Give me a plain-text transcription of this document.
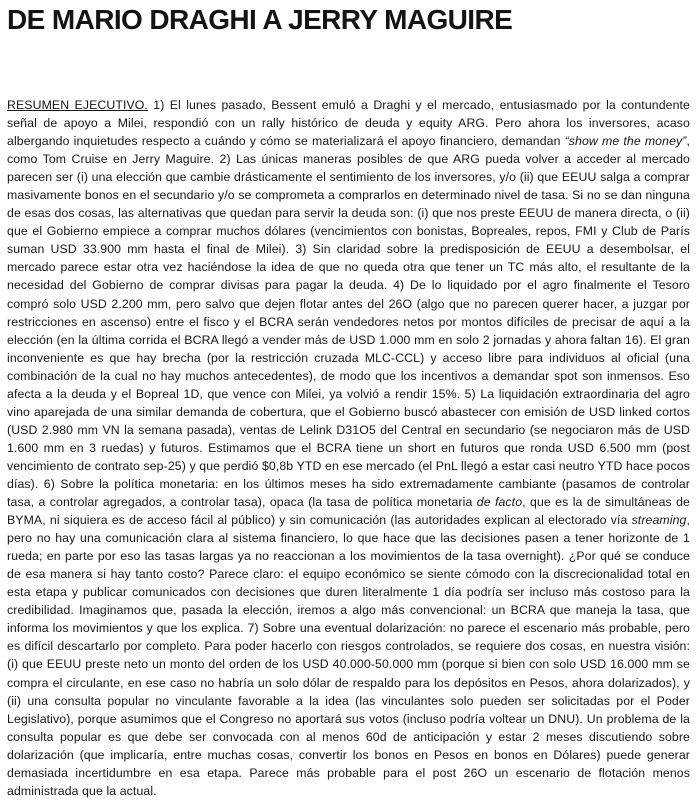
DE MARIO DRAGHI A JERRY MAGUIRE

RESUMEN EJECUTIVO. 1) El lunes pasado, Bessent emuló a Draghi y el mercado, entusiasmado por la contundente señal de apoyo a Milei, respondió con un rally histórico de deuda y equity ARG. Pero ahora los inversores, acaso albergando inquietudes respecto a cuándo y cómo se materializará el apoyo financiero, demandan “show me the money”, como Tom Cruise en Jerry Maguire. 2) Las únicas maneras posibles de que ARG pueda volver a acceder al mercado parecen ser (i) una elección que cambie drásticamente el sentimiento de los inversores, y/o (ii) que EEUU salga a comprar masivamente bonos en el secundario y/o se comprometa a comprarlos en determinado nivel de tasa. Si no se dan ninguna de esas dos cosas, las alternativas que quedan para servir la deuda son: (i) que nos preste EEUU de manera directa, o (ii) que el Gobierno empiece a comprar muchos dólares (vencimientos con bonistas, Bopreales, repos, FMI y Club de París suman USD 33.900 mm hasta el final de Milei). 3) Sin claridad sobre la predisposición de EEUU a desembolsar, el mercado parece estar otra vez haciéndose la idea de que no queda otra que tener un TC más alto, el resultante de la necesidad del Gobierno de comprar divisas para pagar la deuda. 4) De lo liquidado por el agro finalmente el Tesoro compró solo USD 2.200 mm, pero salvo que dejen flotar antes del 26O (algo que no parecen querer hacer, a juzgar por restricciones en ascenso) entre el fisco y el BCRA serán vendedores netos por montos difíciles de precisar de aquí a la elección (en la última corrida el BCRA llegó a vender más de USD 1.000 mm en solo 2 jornadas y ahora faltan 16). El gran inconveniente es que hay brecha (por la restricción cruzada MLC-CCL) y acceso libre para individuos al oficial (una combinación de la cual no hay muchos antecedentes), de modo que los incentivos a demandar spot son inmensos. Eso afecta a la deuda y el Bopreal 1D, que vence con Milei, ya volvió a rendir 15%. 5) La liquidación extraordinaria del agro vino aparejada de una similar demanda de cobertura, que el Gobierno buscó abastecer con emisión de USD linked cortos (USD 2.980 mm VN la semana pasada), ventas de Lelink D31O5 del Central en secundario (se negociaron más de USD 1.600 mm en 3 ruedas) y futuros. Estimamos que el BCRA tiene un short en futuros que ronda USD 6.500 mm (post vencimiento de contrato sep-25) y que perdió $0,8b YTD en ese mercado (el PnL llegó a estar casi neutro YTD hace pocos días). 6) Sobre la política monetaria: en los últimos meses ha sido extremadamente cambiante (pasamos de controlar tasa, a controlar agregados, a controlar tasa), opaca (la tasa de política monetaria de facto, que es la de simultáneas de BYMA, ni siquiera es de acceso fácil al público) y sin comunicación (las autoridades explican al electorado vía streaming, pero no hay una comunicación clara al sistema financiero, lo que hace que las decisiones pasen a tener horizonte de 1 rueda; en parte por eso las tasas largas ya no reaccionan a los movimientos de la tasa overnight). ¿Por qué se conduce de esa manera si hay tanto costo? Parece claro: el equipo económico se siente cómodo con la discrecionalidad total en esta etapa y publicar comunicados con decisiones que duren literalmente 1 día podría ser incluso más costoso para la credibilidad. Imaginamos que, pasada la elección, iremos a algo más convencional: un BCRA que maneja la tasa, que informa los movimientos y que los explica. 7) Sobre una eventual dolarización: no parece el escenario más probable, pero es difícil descartarlo por completo. Para poder hacerlo con riesgos controlados, se requiere dos cosas, en nuestra visión: (i) que EEUU preste neto un monto del orden de los USD 40.000-50.000 mm (porque si bien con solo USD 16.000 mm se compra el circulante, en ese caso no habría un solo dólar de respaldo para los depósitos en Pesos, ahora dolarizados), y (ii) una consulta popular no vinculante favorable a la idea (las vinculantes solo pueden ser solicitadas por el Poder Legislativo), porque asumimos que el Congreso no aportará sus votos (incluso podría voltear un DNU). Un problema de la consulta popular es que debe ser convocada con al menos 60d de anticipación y estar 2 meses discutiendo sobre dolarización (que implicaría, entre muchas cosas, convertir los bonos en Pesos en bonos en Dólares) puede generar demasiada incertidumbre en esa etapa. Parece más probable para el post 26O un escenario de flotación menos administrada que la actual.
